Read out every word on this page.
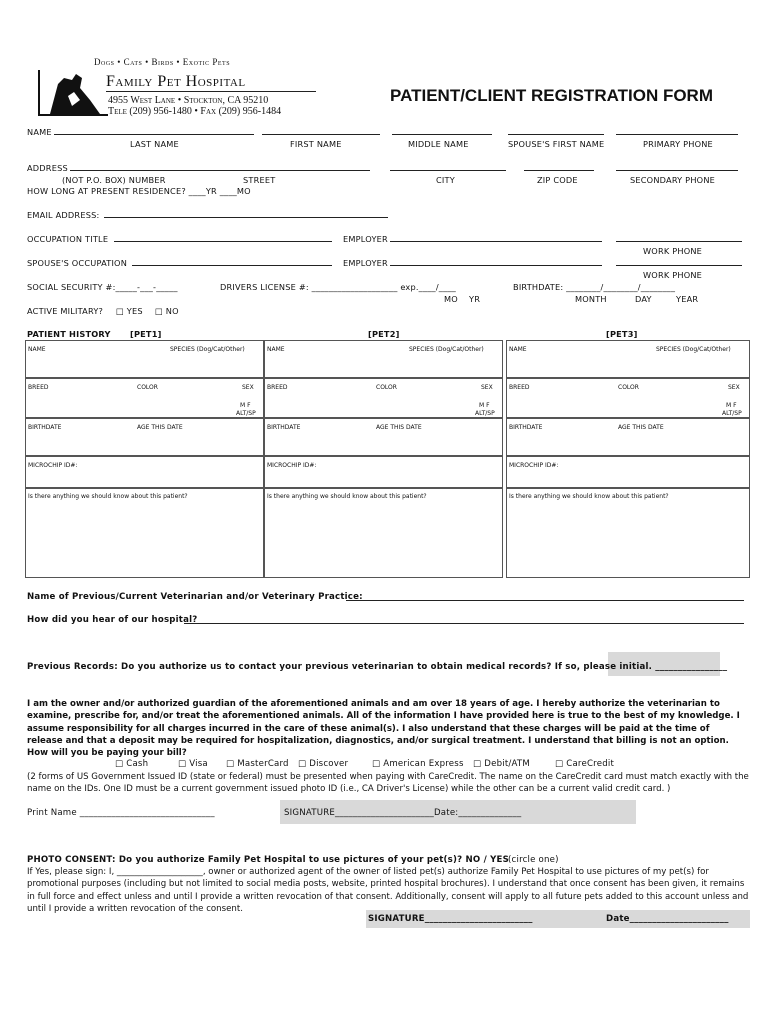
Dogs • Cats • Birds • Exotic Pets
Family Pet Hospital
4955 West Lane • Stockton, CA 95210
Tele (209) 956-1480 • Fax (209) 956-1484
PATIENT/CLIENT REGISTRATION FORM
NAME
LAST NAME	FIRST NAME	MIDDLE NAME	SPOUSE'S FIRST NAME	PRIMARY PHONE
ADDRESS
(NOT P.O. BOX) NUMBER	STREET	CITY	ZIP CODE	SECONDARY PHONE
HOW LONG AT PRESENT RESIDENCE? ____YR ____MO
EMAIL ADDRESS:
OCCUPATION TITLE	EMPLOYER
WORK PHONE
SPOUSE'S OCCUPATION	EMPLOYER
WORK PHONE
SOCIAL SECURITY #:_____-___-_____	DRIVERS LICENSE #: ____________________ exp.____/____
MO YR
BIRTHDATE: ________/________/________
MONTH	DAY	YEAR
ACTIVE MILITARY? □ YES □ NO
PATIENT HISTORY [PET1]	[PET2]	[PET3]
NAME	SPECIES (Dog/Cat/Other)
BREED	COLOR	SEX
M F
ALT/SP
BIRTHDATE	AGE THIS DATE
MICROCHIP ID#:
Is there anything we should know about this patient?
NAME	SPECIES (Dog/Cat/Other)
BREED	COLOR	SEX
M F
ALT/SP
BIRTHDATE	AGE THIS DATE
MICROCHIP ID#:
Is there anything we should know about this patient?
NAME	SPECIES (Dog/Cat/Other)
BREED	COLOR	SEX
M F
ALT/SP
BIRTHDATE	AGE THIS DATE
MICROCHIP ID#:
Is there anything we should know about this patient?
Name of Previous/Current Veterinarian and/or Veterinary Practice:
How did you hear of our hospital?
Previous Records: Do you authorize us to contact your previous veterinarian to obtain medical records? If so, please initial. ________________
I am the owner and/or authorized guardian of the aforementioned animals and am over 18 years of age. I hereby authorize the veterinarian to examine, prescribe for, and/or treat the aforementioned animals. All of the information I have provided here is true to the best of my knowledge. I assume responsibility for all charges incurred in the care of these animal(s). I also understand that these charges will be paid at the time of release and that a deposit may be required for hospitalization, diagnostics, and/or surgical treatment. I understand that billing is not an option. How will you be paying your bill?
□ Cash	□ Visa □ MasterCard □ Discover	□ American Express □ Debit/ATM	□ CareCredit
(2 forms of US Government Issued ID (state or federal) must be presented when paying with CareCredit. The name on the CareCredit card must match exactly with the name on the IDs. One ID must be a current government issued photo ID (i.e., CA Driver's License) while the other can be a current valid credit card. )
Print Name ______________________________	SIGNATURE______________________Date:______________
PHOTO CONSENT: Do you authorize Family Pet Hospital to use pictures of your pet(s)? NO / YES (circle one)
If Yes, please sign: I, ____________________, owner or authorized agent of the owner of listed pet(s) authorize Family Pet Hospital to use pictures of my pet(s) for promotional purposes (including but not limited to social media posts, website, printed hospital brochures). I understand that once consent has been given, it remains in full force and effect unless and until I provide a written revocation of that consent. Additionally, consent will apply to all future pets added to this account unless and until I provide a written revocation of the consent.
SIGNATURE________________________	Date______________________
